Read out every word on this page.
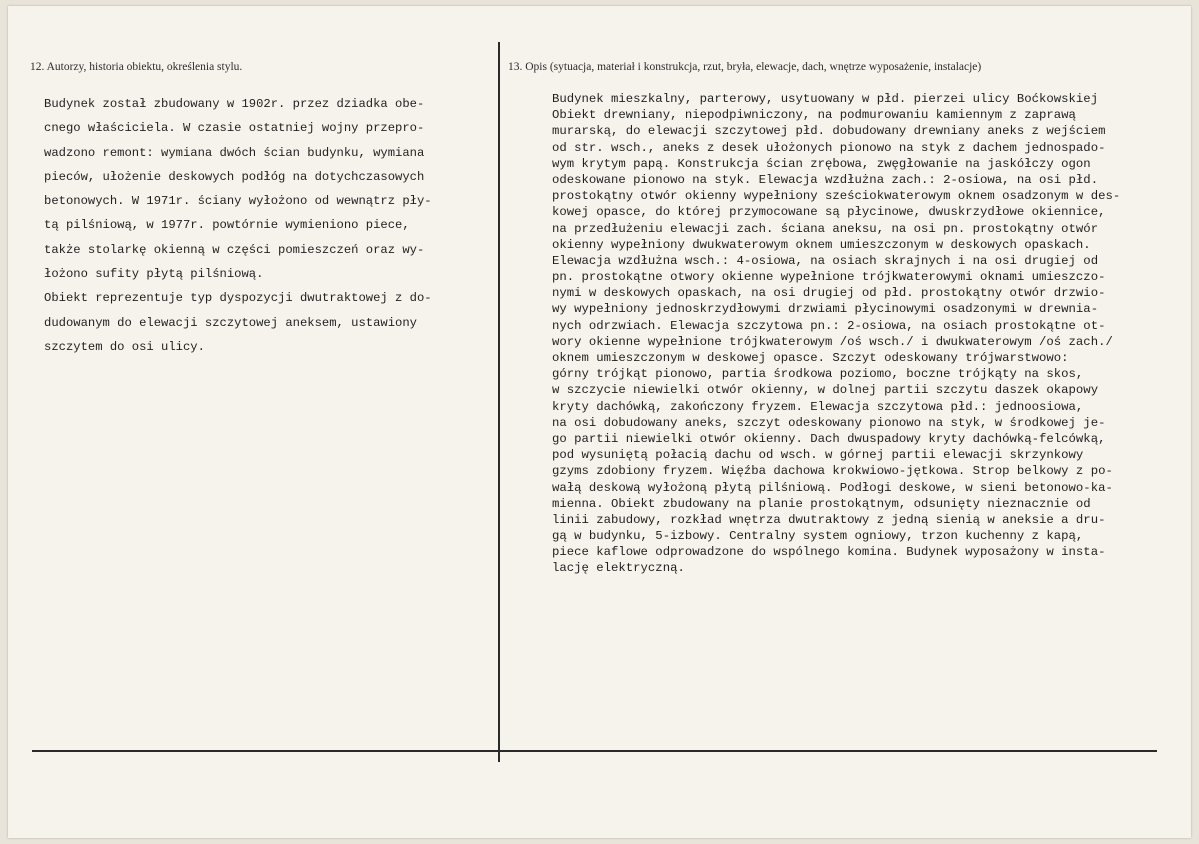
12. Autorzy, historia obiektu, określenia stylu.	13. Opis (sytuacja, materiał i konstrukcja, rzut, bryła, elewacje, dach, wnętrze wyposażenie, instalacje)
Budynek został zbudowany w 1902r. przez dziadka obe-
cnego właściciela. W czasie ostatniej wojny przepro-
wadzono remont: wymiana dwóch ścian budynku, wymiana
pieców, ułożenie deskowych podłóg na dotychczasowych
betonowych. W 1971r. ściany wyłożono od wewnątrz pły-
tą pilśniową, w 1977r. powtórnie wymieniono piece,
także stolarkę okienną w części pomieszczeń oraz wy-
łożono sufity płytą pilśniową.
Obiekt reprezentuje typ dyspozycji dwutraktowej z do-
dudowanym do elewacji szczytowej aneksem, ustawiony
szczytem do osi ulicy.
Budynek mieszkalny, parterowy, usytuowany w płd. pierzei ulicy Boćkowskiej
Obiekt drewniany, niepodpiwniczony, na podmurowaniu kamiennym z zaprawą
murarską, do elewacji szczytowej płd. dobudowany drewniany aneks z wejściem
od str. wsch., aneks z desek ułożonych pionowo na styk z dachem jednospado-
wym krytym papą. Konstrukcja ścian zrębowa, zwęgłowanie na jaskółczy ogon
odeskowane pionowo na styk. Elewacja wzdłużna zach.: 2-osiowa, na osi płd.
prostokątny otwór okienny wypełniony sześciokwaterowym oknem osadzonym w des-
kowej opasce, do której przymocowane są płycinowe, dwuskrzydłowe okiennice,
na przedłużeniu elewacji zach. ściana aneksu, na osi pn. prostokątny otwór
okienny wypełniony dwukwaterowym oknem umieszczonym w deskowych opaskach.
Elewacja wzdłużna wsch.: 4-osiowa, na osiach skrajnych i na osi drugiej od
pn. prostokątne otwory okienne wypełnione trójkwaterowymi oknami umieszczo-
nymi w deskowych opaskach, na osi drugiej od płd. prostokątny otwór drzwio-
wy wypełniony jednoskrzydłowymi drzwiami płycinowymi osadzonymi w drewnia-
nych odrzwiach. Elewacja szczytowa pn.: 2-osiowa, na osiach prostokątne ot-
wory okienne wypełnione trójkwaterowym /oś wsch./ i dwukwaterowym /oś zach./
oknem umieszczonym w deskowej opasce. Szczyt odeskowany trójwarstwowo:
górny trójkąt pionowo, partia środkowa poziomo, boczne trójkąty na skos,
w szczycie niewielki otwór okienny, w dolnej partii szczytu daszek okapowy
kryty dachówką, zakończony fryzem. Elewacja szczytowa płd.: jednoosiowa,
na osi dobudowany aneks, szczyt odeskowany pionowo na styk, w środkowej je-
go partii niewielki otwór okienny. Dach dwuspadowy kryty dachówką-felcówką,
pod wysuniętą połacią dachu od wsch. w górnej partii elewacji skrzynkowy
gzyms zdobiony fryzem. Więźba dachowa krokwiowo-jętkowa. Strop belkowy z po-
wałą deskową wyłożoną płytą pilśniową. Podłogi deskowe, w sieni betonowo-ka-
mienna. Obiekt zbudowany na planie prostokątnym, odsunięty nieznacznie od
linii zabudowy, rozkład wnętrza dwutraktowy z jedną sienią w aneksie a dru-
gą w budynku, 5-izbowy. Centralny system ogniowy, trzon kuchenny z kapą,
piece kaflowe odprowadzone do wspólnego komina. Budynek wyposażony w insta-
lację elektryczną.
